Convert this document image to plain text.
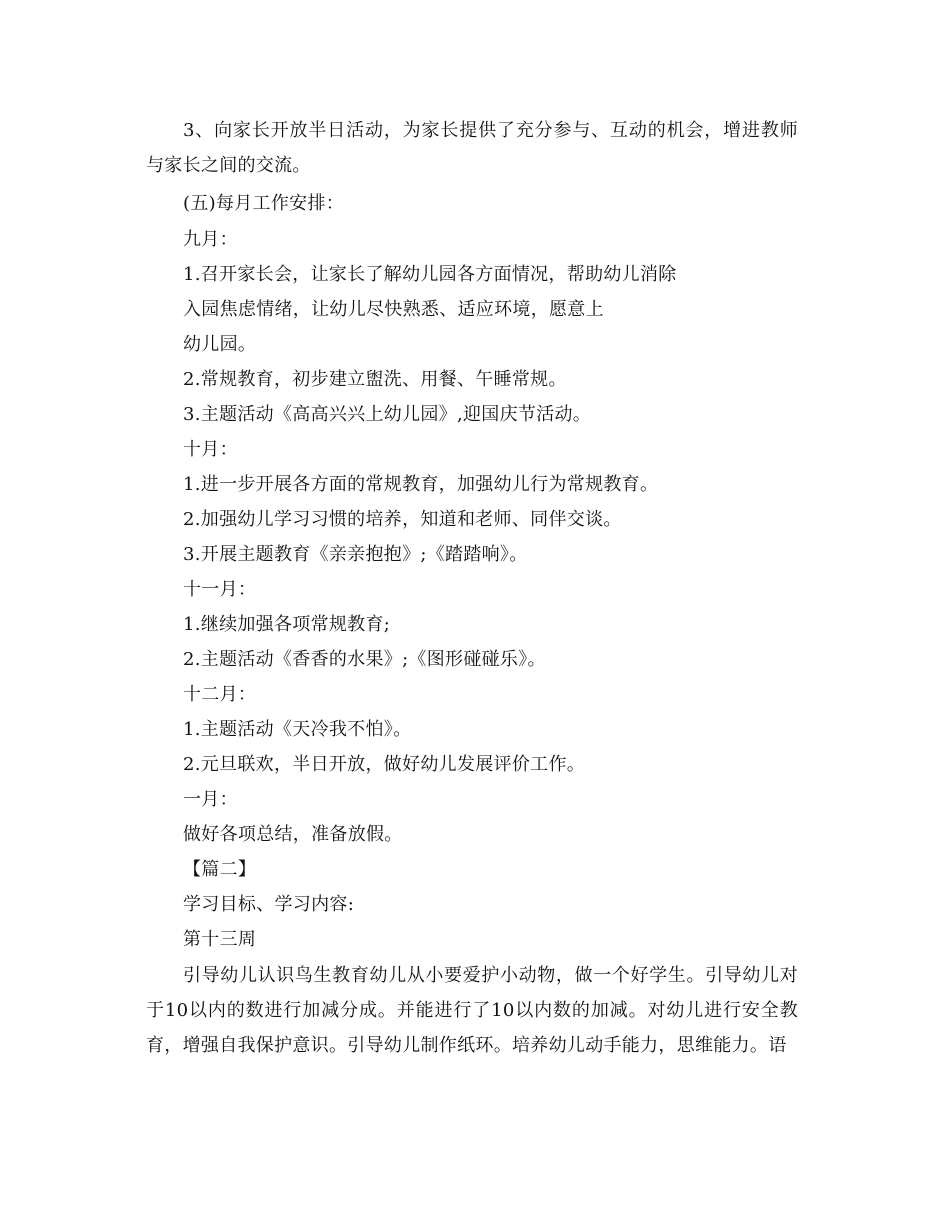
3、向家长开放半日活动，为家长提供了充分参与、互动的机会，增进教师与家长之间的交流。

(五)每月工作安排：
九月：
1.召开家长会，让家长了解幼儿园各方面情况，帮助幼儿消除
入园焦虑情绪，让幼儿尽快熟悉、适应环境，愿意上
幼儿园。
2.常规教育，初步建立盥洗、用餐、午睡常规。
3.主题活动《高高兴兴上幼儿园》,迎国庆节活动。
十月：
1.进一步开展各方面的常规教育，加强幼儿行为常规教育。
2.加强幼儿学习习惯的培养，知道和老师、同伴交谈。
3.开展主题教育《亲亲抱抱》;《踏踏响》。
十一月：
1.继续加强各项常规教育;
2.主题活动《香香的水果》;《图形碰碰乐》。
十二月：
1.主题活动《天冷我不怕》。
2.元旦联欢，半日开放，做好幼儿发展评价工作。
一月：
做好各项总结，准备放假。
【篇二】
学习目标、学习内容:
第十三周

引导幼儿认识鸟生教育幼儿从小要爱护小动物，做一个好学生。引导幼儿对于10以内的数进行加减分成。并能进行了10以内数的加减。对幼儿进行安全教育，增强自我保护意识。引导幼儿制作纸环。培养幼儿动手能力，思维能力。语
